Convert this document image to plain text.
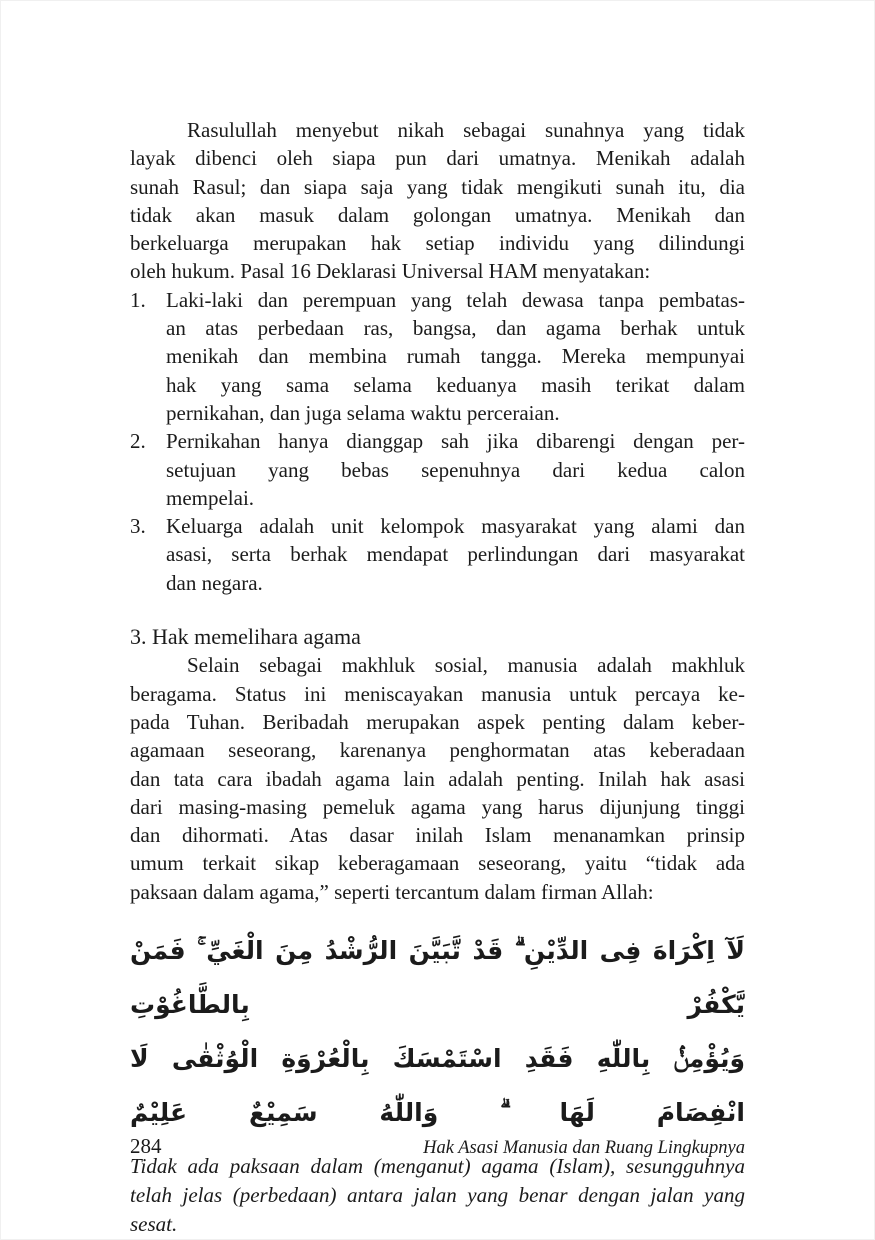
Rasulullah menyebut nikah sebagai sunahnya yang tidak
layak dibenci oleh siapa pun dari umatnya. Menikah adalah
sunah Rasul; dan siapa saja yang tidak mengikuti sunah itu, dia
tidak akan masuk dalam golongan umatnya. Menikah dan
berkeluarga merupakan hak setiap individu yang dilindungi
oleh hukum. Pasal 16 Deklarasi Universal HAM menyatakan:
1. Laki-laki dan perempuan yang telah dewasa tanpa pembatas-
an atas perbedaan ras, bangsa, dan agama berhak untuk
menikah dan membina rumah tangga. Mereka mempunyai
hak yang sama selama keduanya masih terikat dalam
pernikahan, dan juga selama waktu perceraian.
2. Pernikahan hanya dianggap sah jika dibarengi dengan per-
setujuan yang bebas sepenuhnya dari kedua calon
mempelai.
3. Keluarga adalah unit kelompok masyarakat yang alami dan
asasi, serta berhak mendapat perlindungan dari masyarakat
dan negara.
3. Hak memelihara agama
Selain sebagai makhluk sosial, manusia adalah makhluk
beragama. Status ini meniscayakan manusia untuk percaya ke-
pada Tuhan. Beribadah merupakan aspek penting dalam keber-
agamaan seseorang, karenanya penghormatan atas keberadaan
dan tata cara ibadah agama lain adalah penting. Inilah hak asasi
dari masing-masing pemeluk agama yang harus dijunjung tinggi
dan dihormati. Atas dasar inilah Islam menanamkan prinsip
umum terkait sikap keberagamaan seseorang, yaitu “tidak ada
paksaan dalam agama,” seperti tercantum dalam firman Allah:
لَآ اِكْرَاهَ فِى الدِّيْنِ ۗ قَدْ تَّبَيَّنَ الرُّشْدُ مِنَ الْغَيِّ ۚ فَمَنْ يَّكْفُرْ بِالطَّاغُوْتِ
وَيُؤْمِنْۢ بِاللّٰهِ فَقَدِ اسْتَمْسَكَ بِالْعُرْوَةِ الْوُثْقٰى لَا انْفِصَامَ لَهَا ۗ وَاللّٰهُ سَمِيْعٌ عَلِيْمٌ
Tidak ada paksaan dalam (menganut) agama (Islam), sesungguhnya
telah jelas (perbedaan) antara jalan yang benar dengan jalan yang sesat.
284	Hak Asasi Manusia dan Ruang Lingkupnya
